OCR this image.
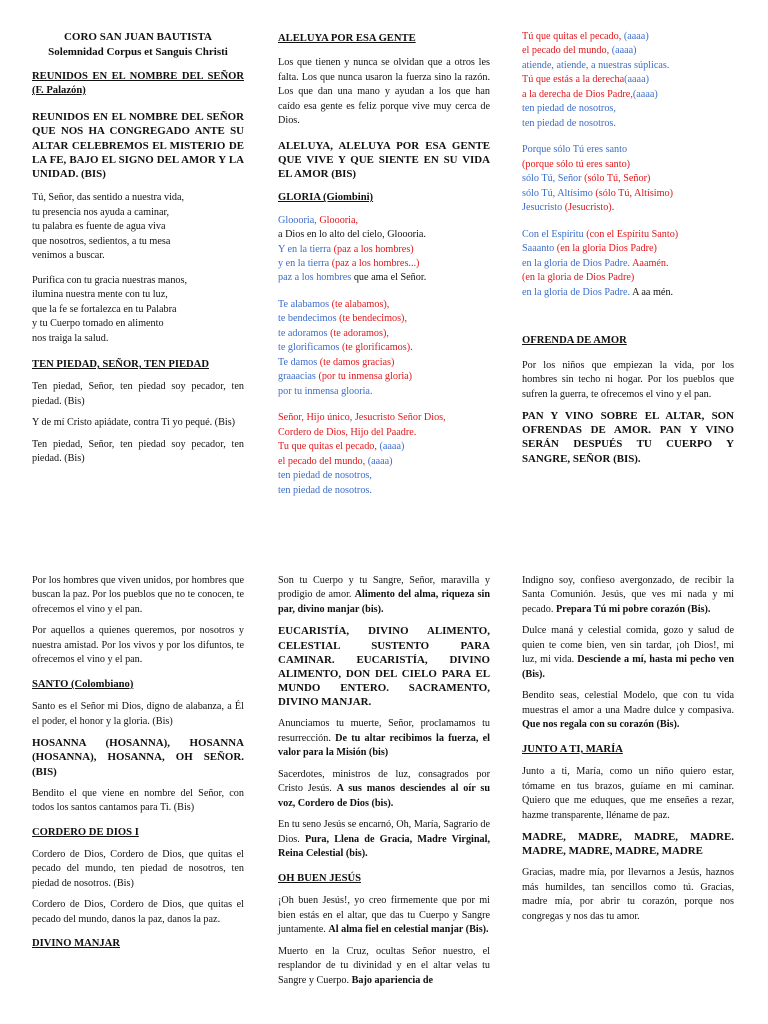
CORO SAN JUAN BAUTISTA
Solemnidad Corpus et Sanguis Christi
REUNIDOS EN EL NOMBRE DEL SEÑOR (F. Palazón)
REUNIDOS EN EL NOMBRE DEL SEÑOR QUE NOS HA CONGREGADO ANTE SU ALTAR CELEBREMOS EL MISTERIO DE LA FE, BAJO EL SIGNO DEL AMOR Y LA UNIDAD. (BIS)
Tú, Señor, das sentido a nuestra vida,
tu presencia nos ayuda a caminar,
tu palabra es fuente de agua viva
que nosotros, sedientos, a tu mesa
venimos a buscar.
Purifica con tu gracia nuestras manos,
ilumina nuestra mente con tu luz,
que la fe se fortalezca en tu Palabra
y tu Cuerpo tomado en alimento
nos traiga la salud.
TEN PIEDAD, SEÑOR, TEN PIEDAD
Ten piedad, Señor, ten piedad soy pecador, ten piedad. (Bis)
Y de mí Cristo apiádate, contra Ti yo pequé. (Bis)
Ten piedad, Señor, ten piedad soy pecador, ten piedad. (Bis)
ALELUYA POR ESA GENTE
Los que tienen y nunca se olvidan que a otros les falta. Los que nunca usaron la fuerza sino la razón. Los que dan una mano y ayudan a los que han caído esa gente es feliz porque vive muy cerca de Dios.
ALELUYA, ALELUYA POR ESA GENTE QUE VIVE Y QUE SIENTE EN SU VIDA EL AMOR (BIS)
GLORIA (Giombini)
Gloooria, Gloooria,
a Dios en lo alto del cielo, Gloooria.
Y en la tierra (paz a los hombres)
y en la tierra (paz a los hombres...)
paz a los hombres que ama el Señor.
Te alabamos (te alabamos),
te bendecimos (te bendecimos),
te adoramos (te adoramos),
te glorificamos (te glorificamos).
Te damos (te damos gracias)
graaacias (por tu inmensa gloria)
por tu inmensa glooria.
Señor, Hijo único, Jesucristo Señor Dios,
Cordero de Dios, Hijo del Paadre.
Tu que quitas el pecado, (aaaa)
el pecado del mundo, (aaaa)
ten piedad de nosotros,
ten piedad de nosotros.
Tú que quitas el pecado, (aaaa)
el pecado del mundo, (aaaa)
atiende, atiende, a nuestras súplicas.
Tú que estás a la derecha(aaaa)
a la derecha de Dios Padre,(aaaa)
ten piedad de nosotros,
ten piedad de nosotros.
Porque sólo Tú eres santo
(porque sólo tú eres santo)
sólo Tú, Señor (sólo Tú, Señor)
sólo Tú, Altísimo (sólo Tú, Altísimo)
Jesucristo (Jesucristo).
Con el Espíritu (con el Espíritu Santo)
Saaanto (en la gloria Dios Padre)
en la gloria de Dios Padre. Aaamén.
(en la gloria de Dios Padre)
en la gloria de Dios Padre. A aa mén.
OFRENDA DE AMOR
Por los niños que empiezan la vida, por los hombres sin techo ni hogar. Por los pueblos que sufren la guerra, te ofrecemos el vino y el pan.
PAN Y VINO SOBRE EL ALTAR, SON OFRENDAS DE AMOR. PAN Y VINO SERÁN DESPUÉS TU CUERPO Y SANGRE, SEÑOR (BIS).
Por los hombres que viven unidos, por hombres que buscan la paz. Por los pueblos que no te conocen, te ofrecemos el vino y el pan.
Por aquellos a quienes queremos, por nosotros y nuestra amistad. Por los vivos y por los difuntos, te ofrecemos el vino y el pan.
SANTO (Colombiano)
Santo es el Señor mi Dios, digno de alabanza, a Él el poder, el honor y la gloria. (Bis)
HOSANNA (HOSANNA), HOSANNA (HOSANNA), HOSANNA, OH SEÑOR. (BIS)
Bendito el que viene en nombre del Señor, con todos los santos cantamos para Ti. (Bis)
CORDERO DE DIOS I
Cordero de Dios, Cordero de Dios, que quitas el pecado del mundo, ten piedad de nosotros, ten piedad de nosotros. (Bis)
Cordero de Dios, Cordero de Dios, que quitas el pecado del mundo, danos la paz, danos la paz.
DIVINO MANJAR
Son tu Cuerpo y tu Sangre, Señor, maravilla y prodigio de amor. Alimento del alma, riqueza sin par, divino manjar (bis).
EUCARISTÍA, DIVINO ALIMENTO, CELESTIAL SUSTENTO PARA CAMINAR. EUCARISTÍA, DIVINO ALIMENTO, DON DEL CIELO PARA EL MUNDO ENTERO. SACRAMENTO, DIVINO MANJAR.
Anunciamos tu muerte, Señor, proclamamos tu resurrección. De tu altar recibimos la fuerza, el valor para la Misión (bis)
Sacerdotes, ministros de luz, consagrados por Cristo Jesús. A sus manos desciendes al oír su voz, Cordero de Dios (bis).
En tu seno Jesús se encarnó, Oh, María, Sagrario de Dios. Pura, Llena de Gracia, Madre Virginal, Reina Celestial (bis).
OH BUEN JESÚS
¡Oh buen Jesús!, yo creo firmemente que por mi bien estás en el altar, que das tu Cuerpo y Sangre juntamente. Al alma fiel en celestial manjar (Bis).
Muerto en la Cruz, ocultas Señor nuestro, el resplandor de tu divinidad y en el altar velas tu Sangre y Cuerpo. Bajo apariencia de
Indigno soy, confieso avergonzado, de recibir la Santa Comunión. Jesús, que ves mi nada y mi pecado. Prepara Tú mi pobre corazón (Bis).
Dulce maná y celestial comida, gozo y salud de quien te come bien, ven sin tardar, ¡oh Dios!, mi luz, mi vida. Desciende a mí, hasta mi pecho ven (Bis).
Bendito seas, celestial Modelo, que con tu vida muestras el amor a una Madre dulce y compasiva. Que nos regala con su corazón (Bis).
JUNTO A TI, MARÍA
Junto a ti, María, como un niño quiero estar, tómame en tus brazos, guíame en mi caminar. Quiero que me eduques, que me enseñes a rezar, hazme transparente, lléname de paz.
MADRE, MADRE, MADRE, MADRE. MADRE, MADRE, MADRE, MADRE
Gracias, madre mía, por llevarnos a Jesús, haznos más humildes, tan sencillos como tú. Gracias, madre mía, por abrir tu corazón, porque nos congregas y nos das tu amor.
